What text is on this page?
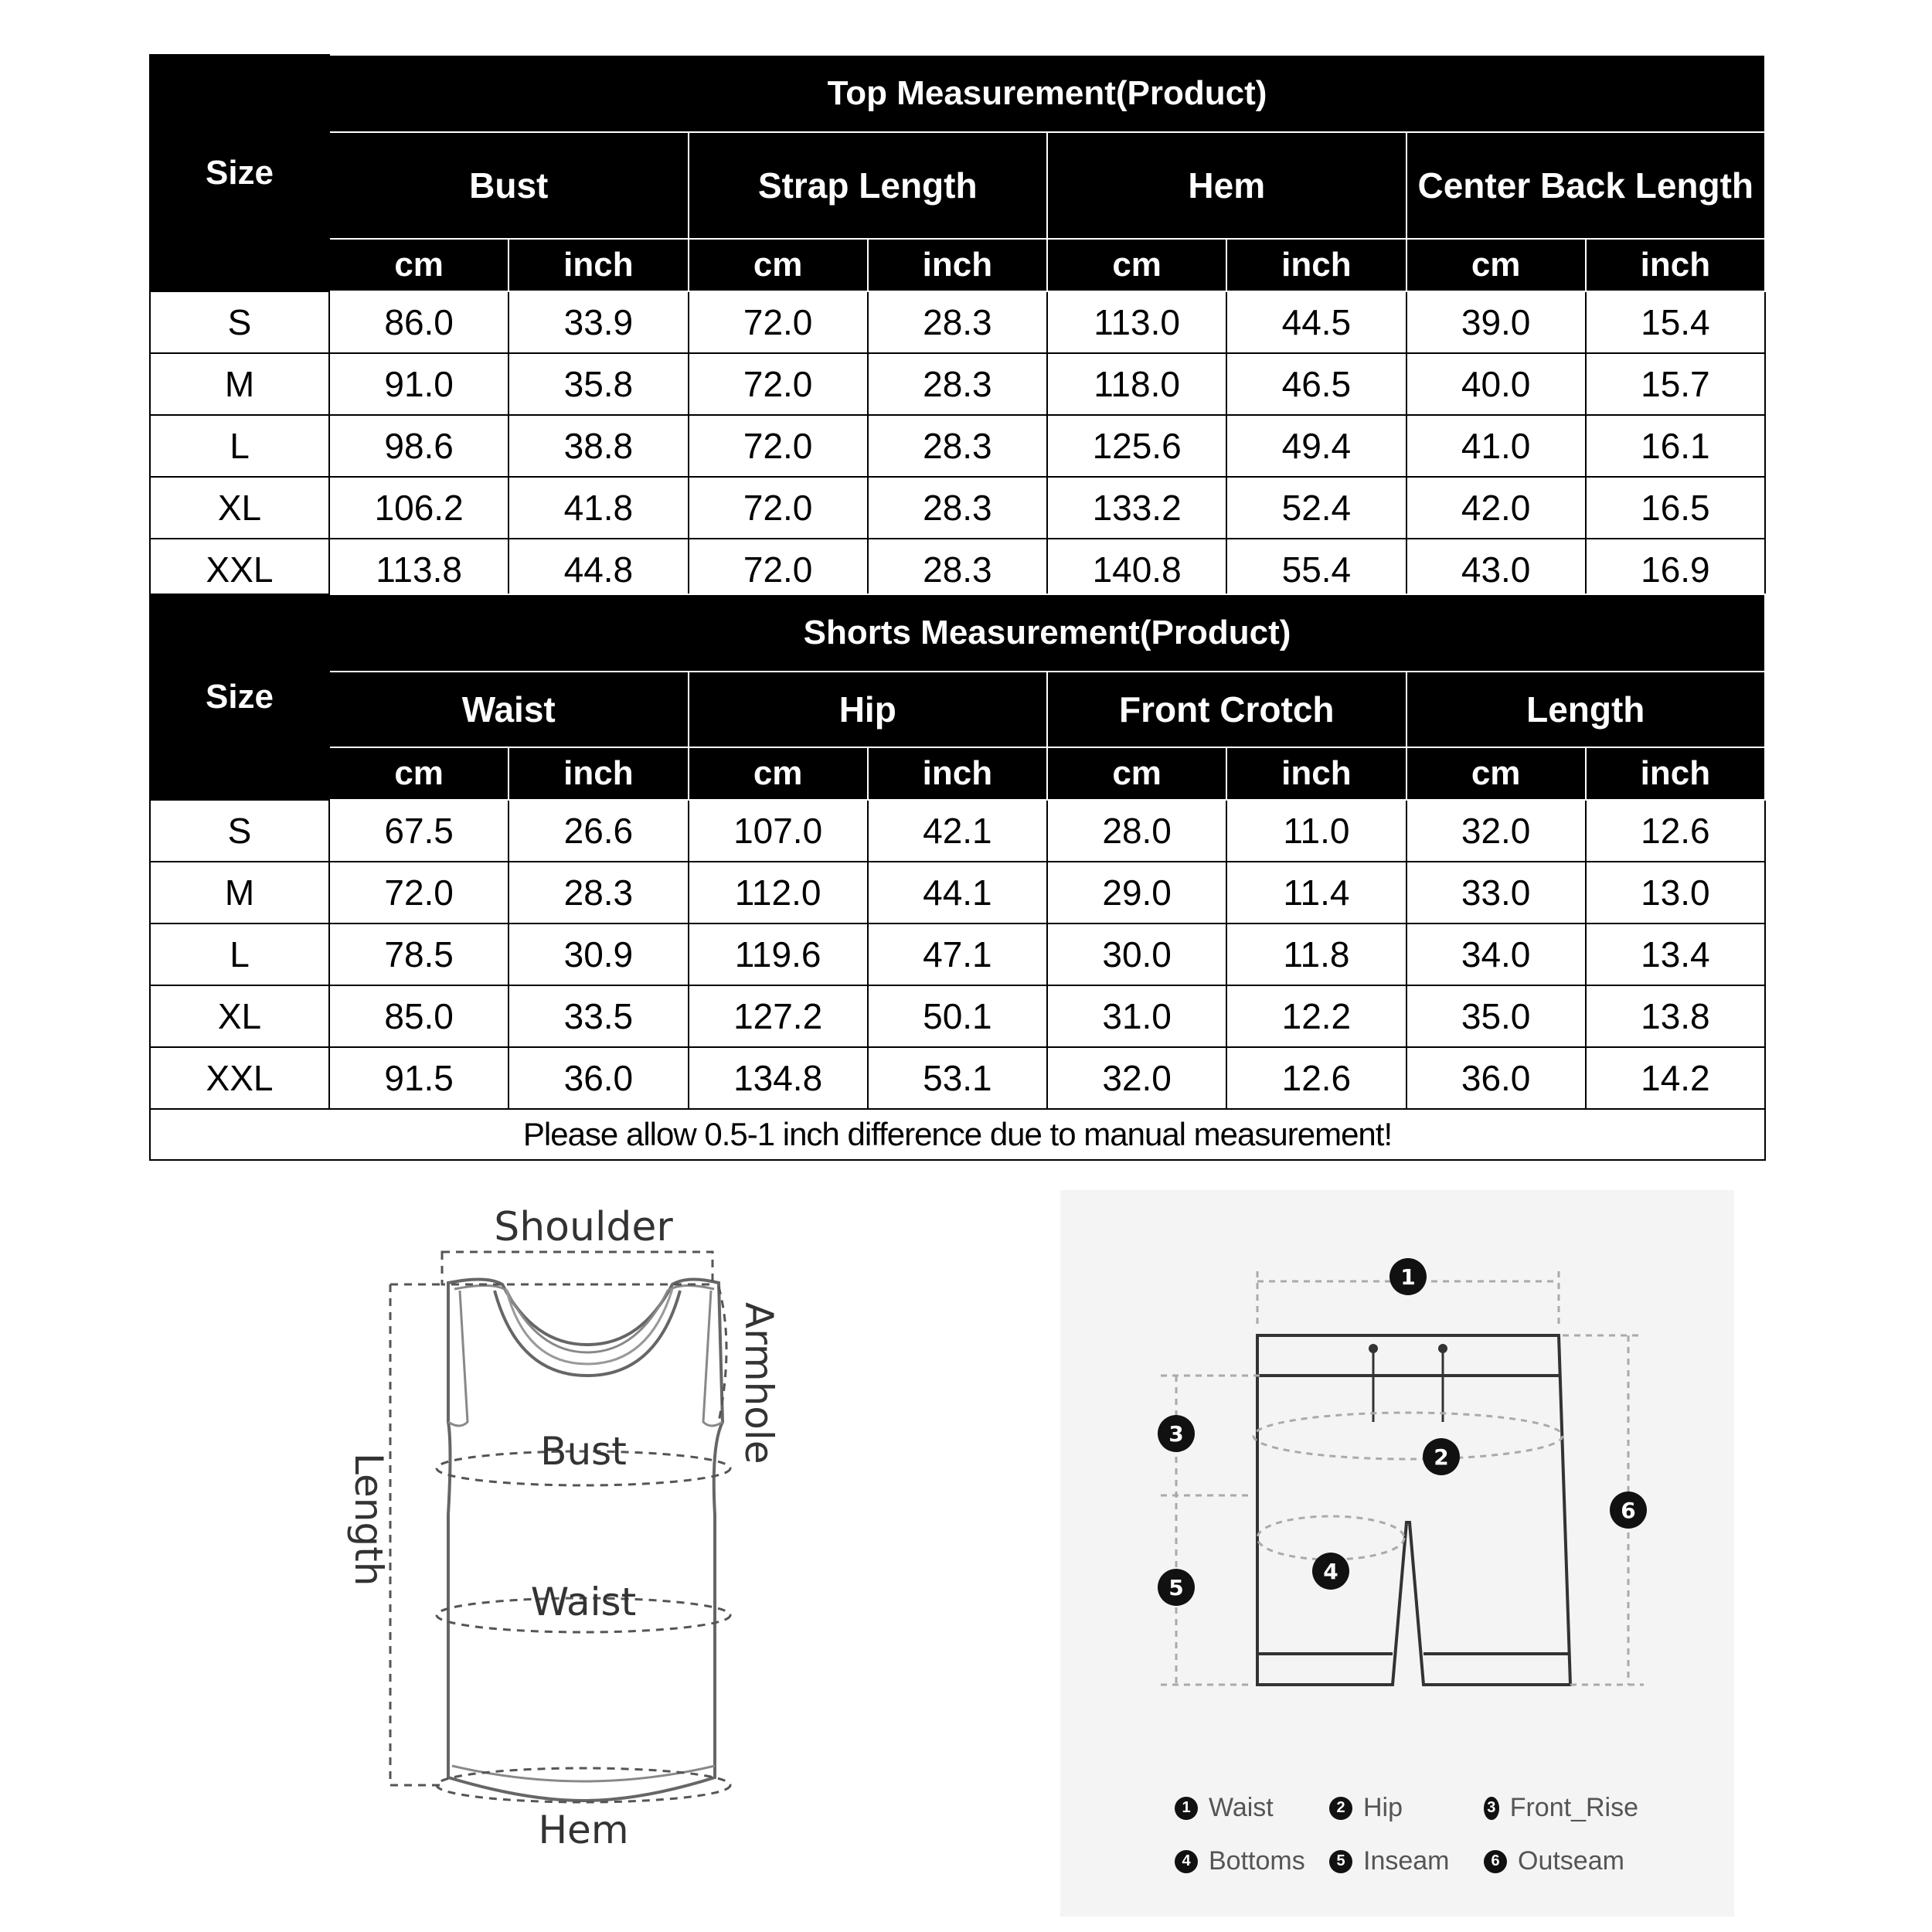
Size	Top Measurement(Product)							
	Bust		Strap Length		Hem		Center Back Length	
	cm	inch	cm	inch	cm	inch	cm	inch
S	86.0	33.9	72.0	28.3	113.0	44.5	39.0	15.4
M	91.0	35.8	72.0	28.3	118.0	46.5	40.0	15.7
L	98.6	38.8	72.0	28.3	125.6	49.4	41.0	16.1
XL	106.2	41.8	72.0	28.3	133.2	52.4	42.0	16.5
XXL	113.8	44.8	72.0	28.3	140.8	55.4	43.0	16.9
Size	Shorts Measurement(Product)							
	Waist		Hip		Front Crotch		Length	
	cm	inch	cm	inch	cm	inch	cm	inch
S	67.5	26.6	107.0	42.1	28.0	11.0	32.0	12.6
M	72.0	28.3	112.0	44.1	29.0	11.4	33.0	13.0
L	78.5	30.9	119.6	47.1	30.0	11.8	34.0	13.4
XL	85.0	33.5	127.2	50.1	31.0	12.2	35.0	13.8
XXL	91.5	36.0	134.8	53.1	32.0	12.6	36.0	14.2
Please allow 0.5-1 inch difference due to manual measurement!								
Shoulder
Bust
Waist
Hem
Armhole
Length
1
2
3
4
5
6
1 Waist	2 Hip	3 Front_Rise
4 Bottoms	5 Inseam	6 Outseam
